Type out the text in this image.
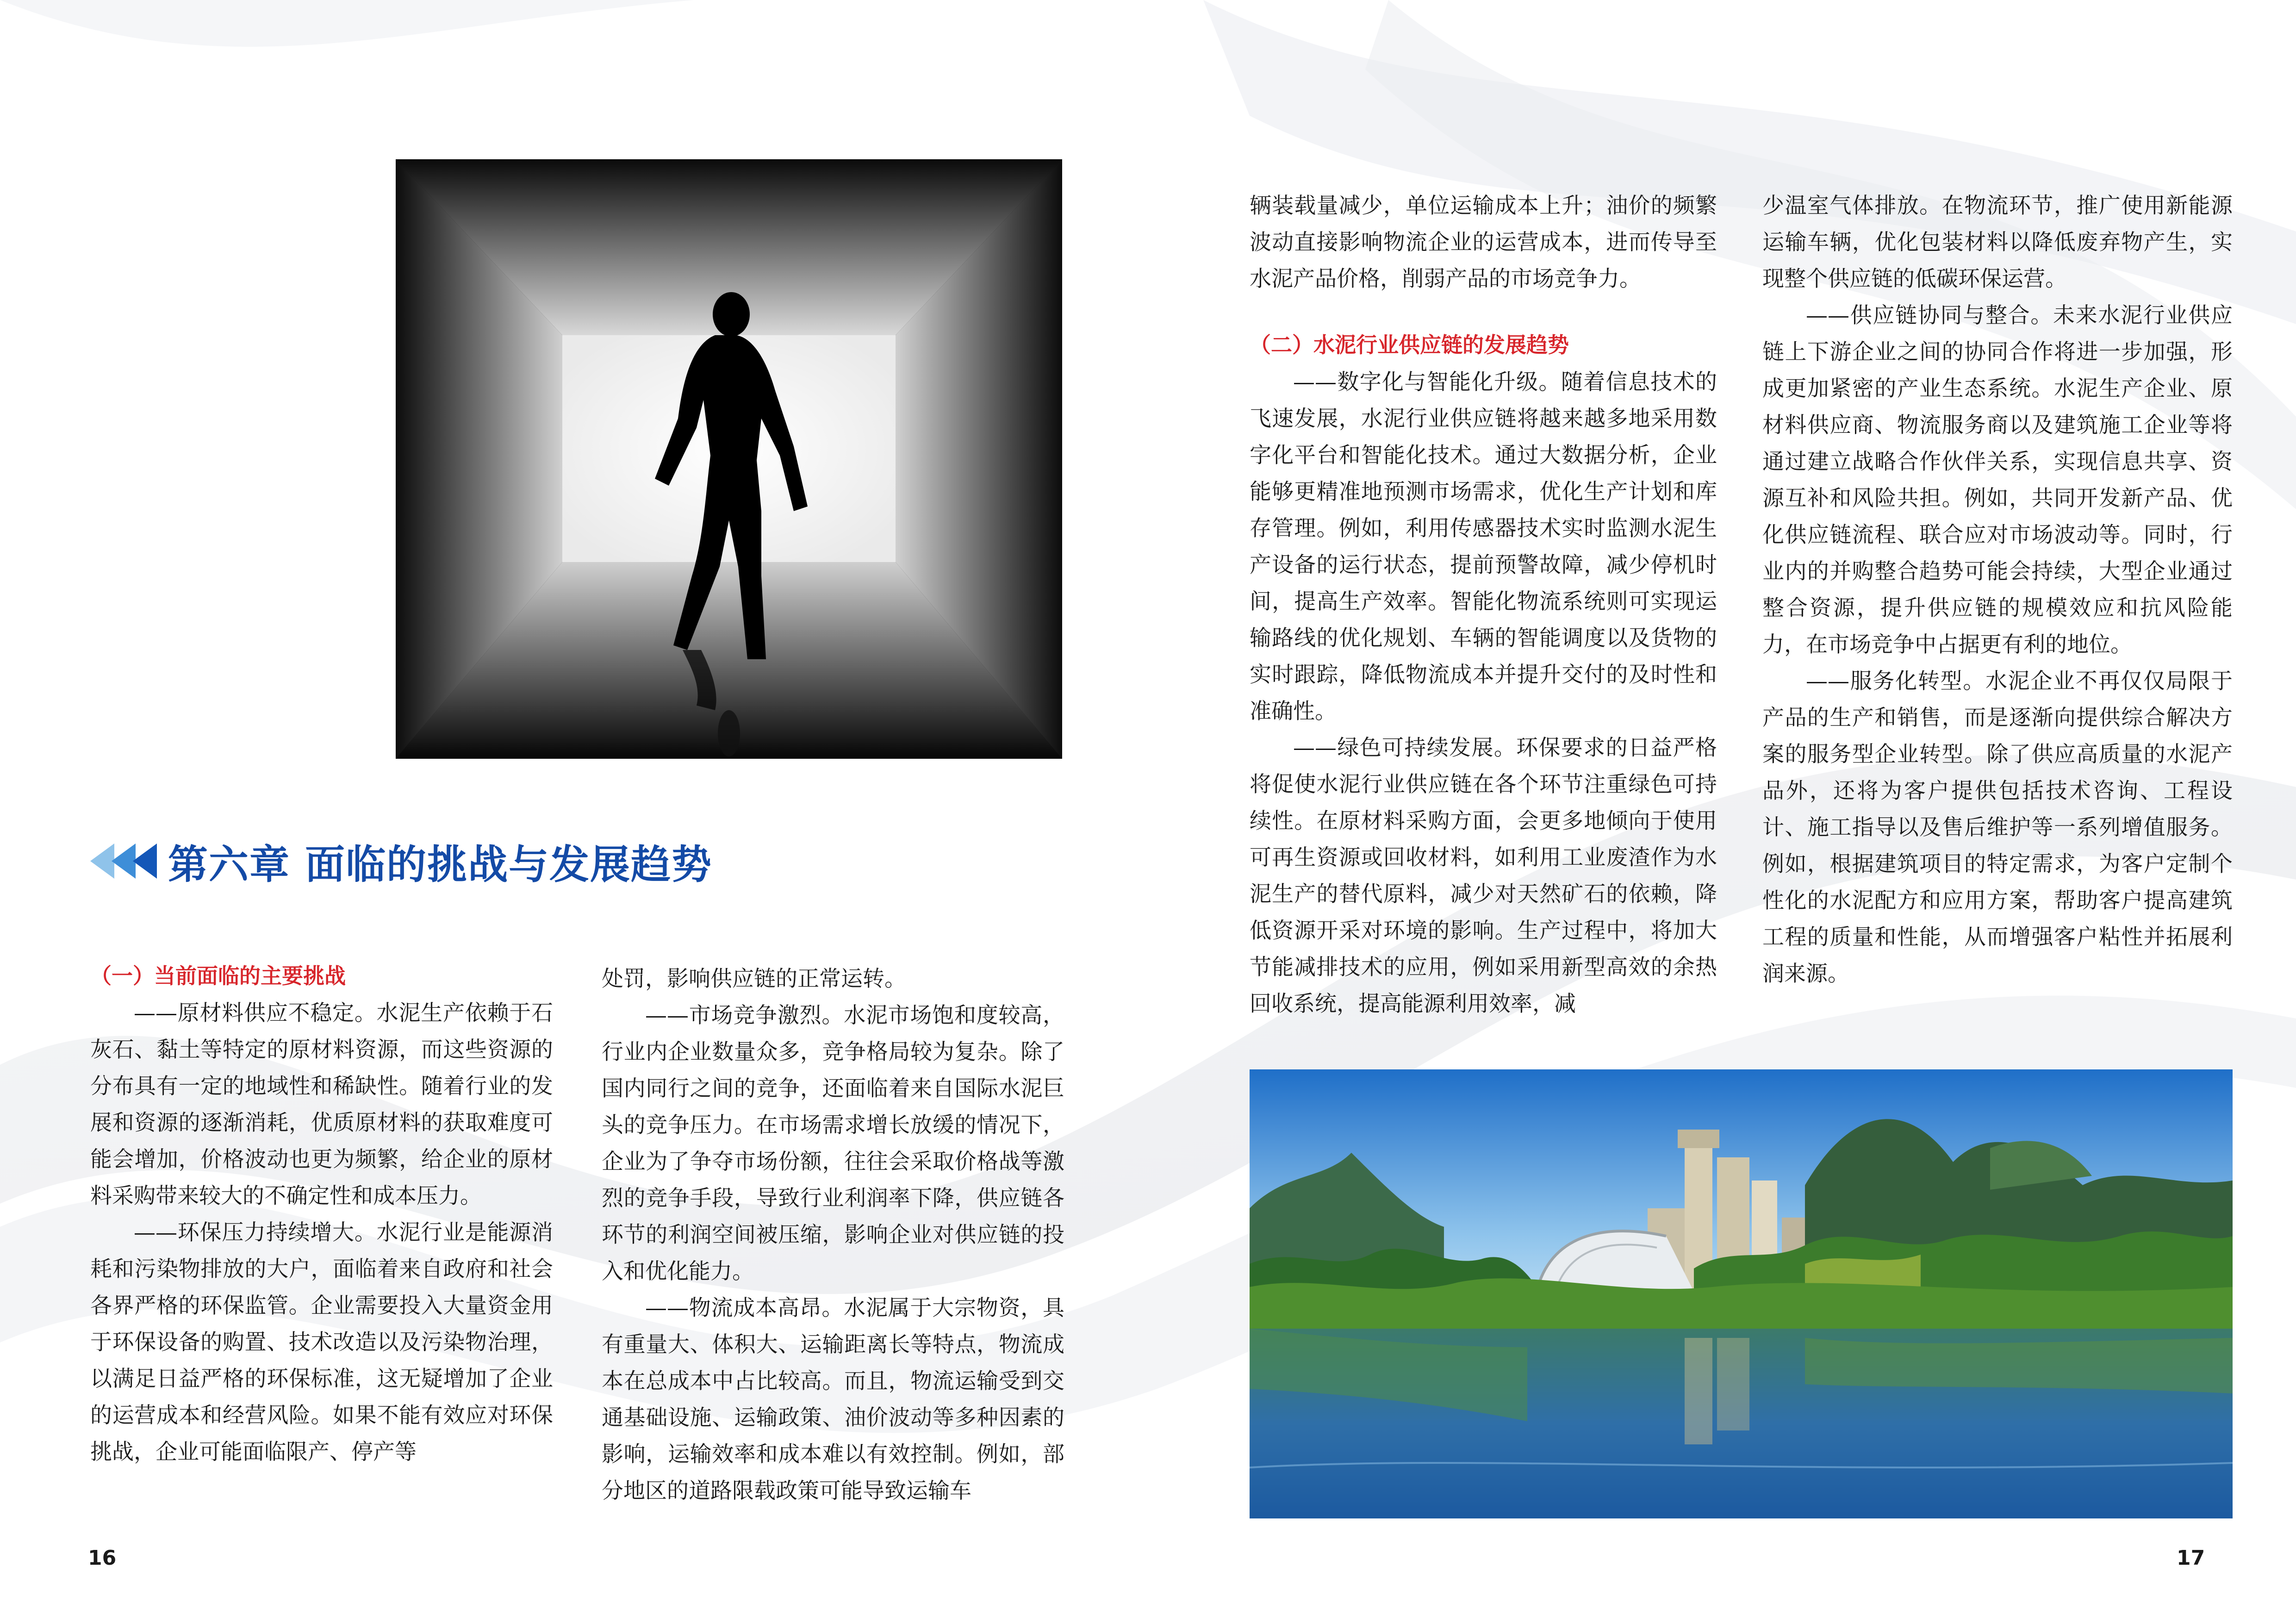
第六章 面临的挑战与发展趋势
（一）当前面临的主要挑战

——原材料供应不稳定。水泥生产依赖于石灰石、黏土等特定的原材料资源，而这些资源的分布具有一定的地域性和稀缺性。随着行业的发展和资源的逐渐消耗，优质原材料的获取难度可能会增加，价格波动也更为频繁，给企业的原材料采购带来较大的不确定性和成本压力。

——环保压力持续增大。水泥行业是能源消耗和污染物排放的大户，面临着来自政府和社会各界严格的环保监管。企业需要投入大量资金用于环保设备的购置、技术改造以及污染物治理，以满足日益严格的环保标准，这无疑增加了企业的运营成本和经营风险。如果不能有效应对环保挑战，企业可能面临限产、停产等

处罚，影响供应链的正常运转。

——市场竞争激烈。水泥市场饱和度较高，行业内企业数量众多，竞争格局较为复杂。除了国内同行之间的竞争，还面临着来自国际水泥巨头的竞争压力。在市场需求增长放缓的情况下，企业为了争夺市场份额，往往会采取价格战等激烈的竞争手段，导致行业利润率下降，供应链各环节的利润空间被压缩，影响企业对供应链的投入和优化能力。

——物流成本高昂。水泥属于大宗物资，具有重量大、体积大、运输距离长等特点，物流成本在总成本中占比较高。而且，物流运输受到交通基础设施、运输政策、油价波动等多种因素的影响，运输效率和成本难以有效控制。例如，部分地区的道路限载政策可能导致运输车

16

辆装载量减少，单位运输成本上升；油价的频繁波动直接影响物流企业的运营成本，进而传导至水泥产品价格，削弱产品的市场竞争力。

（二）水泥行业供应链的发展趋势

——数字化与智能化升级。随着信息技术的飞速发展，水泥行业供应链将越来越多地采用数字化平台和智能化技术。通过大数据分析，企业能够更精准地预测市场需求，优化生产计划和库存管理。例如，利用传感器技术实时监测水泥生产设备的运行状态，提前预警故障，减少停机时间，提高生产效率。智能化物流系统则可实现运输路线的优化规划、车辆的智能调度以及货物的实时跟踪，降低物流成本并提升交付的及时性和准确性。

——绿色可持续发展。环保要求的日益严格将促使水泥行业供应链在各个环节注重绿色可持续性。在原材料采购方面，会更多地倾向于使用可再生资源或回收材料，如利用工业废渣作为水泥生产的替代原料，减少对天然矿石的依赖，降低资源开采对环境的影响。生产过程中，将加大节能减排技术的应用，例如采用新型高效的余热回收系统，提高能源利用效率，减

少温室气体排放。在物流环节，推广使用新能源运输车辆，优化包装材料以降低废弃物产生，实现整个供应链的低碳环保运营。

——供应链协同与整合。未来水泥行业供应链上下游企业之间的协同合作将进一步加强，形成更加紧密的产业生态系统。水泥生产企业、原材料供应商、物流服务商以及建筑施工企业等将通过建立战略合作伙伴关系，实现信息共享、资源互补和风险共担。例如，共同开发新产品、优化供应链流程、联合应对市场波动等。同时，行业内的并购整合趋势可能会持续，大型企业通过整合资源，提升供应链的规模效应和抗风险能力，在市场竞争中占据更有利的地位。

——服务化转型。水泥企业不再仅仅局限于产品的生产和销售，而是逐渐向提供综合解决方案的服务型企业转型。除了供应高质量的水泥产品外，还将为客户提供包括技术咨询、工程设计、施工指导以及售后维护等一系列增值服务。例如，根据建筑项目的特定需求，为客户定制个性化的水泥配方和应用方案，帮助客户提高建筑工程的质量和性能，从而增强客户粘性并拓展利润来源。

17
